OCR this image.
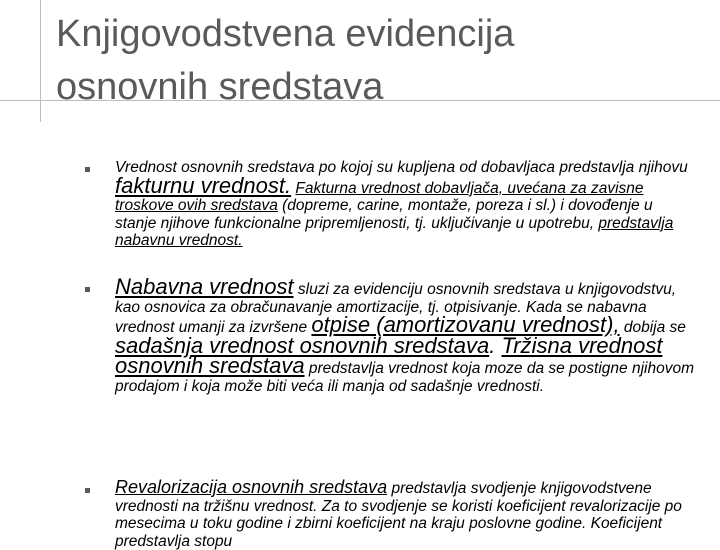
Knjigovodstvena evidencija
osnovnih sredstava
Vrednost osnovnih sredstava po kojoj su kupljena od dobavljaca predstavlja njihovu fakturnu vrednost. Fakturna vrednost dobavljača, uvećana za zavisne troskove ovih sredstava (dopreme, carine, montaže, poreza i sl.) i dovođenje u stanje njihove funkcionalne pripremljenosti, tj. uključivanje u upotrebu, predstavlja nabavnu vrednost.
Nabavna vrednost sluzi za evidenciju osnovnih sredstava u knjigovodstvu, kao osnovica za obračunavanje amortizacije, tj. otpisivanje. Kada se nabavna vrednost umanji za izvršene otpise (amortizovanu vrednost), dobija se sadašnja vrednost osnovnih sredstava. Tržisna vrednost osnovnih sredstava predstavlja vrednost koja moze da se postigne njihovom prodajom i koja može biti veća ili manja od sadašnje vrednosti.
Revalorizacija osnovnih sredstava predstavlja svodjenje knjigovodstvene vrednosti na tržišnu vrednost. Za to svodjenje se koristi koeficijent revalorizacije po mesecima u toku godine i zbirni koeficijent na kraju poslovne godine. Koeficijent predstavlja stopu
